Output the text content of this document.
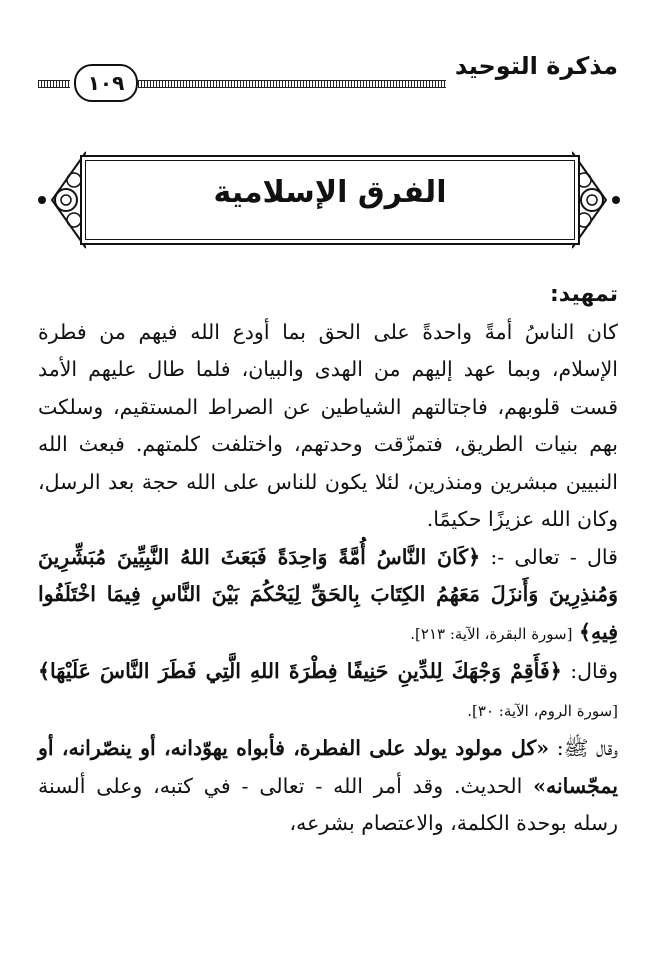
مذكرة التوحيد
١٠٩
الفرق الإسلامية

تمهيد:

كان الناسُ أمةً واحدةً على الحق بما أودع الله فيهم من فطرة الإسلام، وبما عهد إليهم من الهدى والبيان، فلما طال عليهم الأمد قست قلوبهم، فاجتالتهم الشياطين عن الصراط المستقيم، وسلكت بهم بنيات الطريق، فتمزّقت وحدتهم، واختلفت كلمتهم. فبعث الله النبيين مبشرين ومنذرين، لئلا يكون للناس على الله حجة بعد الرسل، وكان الله عزيزًا حكيمًا.

قال - تعالى -: ﴿كَانَ النَّاسُ أُمَّةً وَاحِدَةً فَبَعَثَ اللهُ النَّبِيِّينَ مُبَشِّرِينَ وَمُنذِرِينَ وَأَنزَلَ مَعَهُمُ الكِتَابَ بِالحَقِّ لِيَحْكُمَ بَيْنَ النَّاسِ فِيمَا اخْتَلَفُوا فِيهِ﴾ [سورة البقرة، الآية: ٢١٣].

وقال: ﴿فَأَقِمْ وَجْهَكَ لِلدِّينِ حَنِيفًا فِطْرَةَ اللهِ الَّتِي فَطَرَ النَّاسَ عَلَيْهَا﴾ [سورة الروم، الآية: ٣٠].

وقال ﷺ: «كل مولود يولد على الفطرة، فأبواه يهوّدانه، أو ينصّرانه، أو يمجّسانه» الحديث. وقد أمر الله - تعالى - في كتبه، وعلى ألسنة رسله بوحدة الكلمة، والاعتصام بشرعه،
